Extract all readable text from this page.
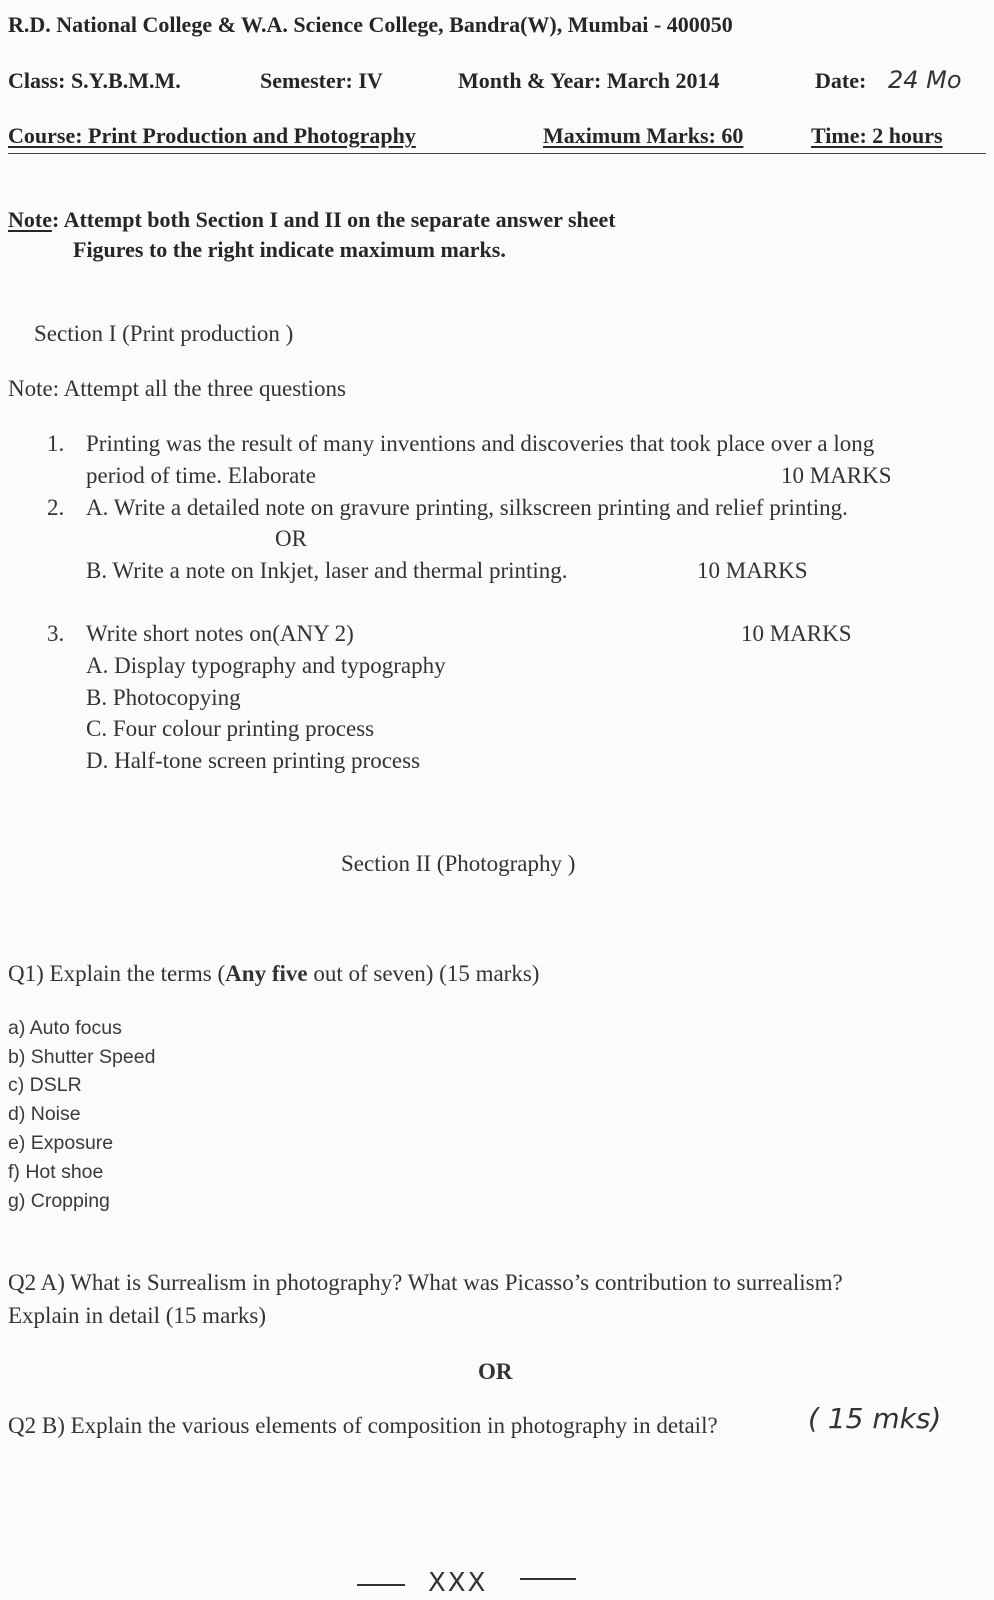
R.D. National College & W.A. Science College, Bandra(W), Mumbai - 400050
Class: S.Y.B.M.M.	Semester: IV	Month & Year: March 2014	Date: 24 Mo
Course: Print Production and Photography	Maximum Marks: 60	Time: 2 hours
Note: Attempt both Section I and II on the separate answer sheet
Figures to the right indicate maximum marks.
Section I (Print production )
Note: Attempt all the three questions
1. Printing was the result of many inventions and discoveries that took place over a long
period of time. Elaborate	10 MARKS
2. A. Write a detailed note on gravure printing, silkscreen printing and relief printing.
OR
B. Write a note on Inkjet, laser and thermal printing.	10 MARKS
3. Write short notes on(ANY 2)	10 MARKS
A. Display typography and typography
B. Photocopying
C. Four colour printing process
D. Half-tone screen printing process
Section II (Photography )
Q1) Explain the terms (Any five out of seven) (15 marks)
a) Auto focus
b) Shutter Speed
c) DSLR
d) Noise
e) Exposure
f) Hot shoe
g) Cropping
Q2 A) What is Surrealism in photography? What was Picasso’s contribution to surrealism?
Explain in detail (15 marks)
OR
Q2 B) Explain the various elements of composition in photography in detail?	( 15 mks)
XXX
